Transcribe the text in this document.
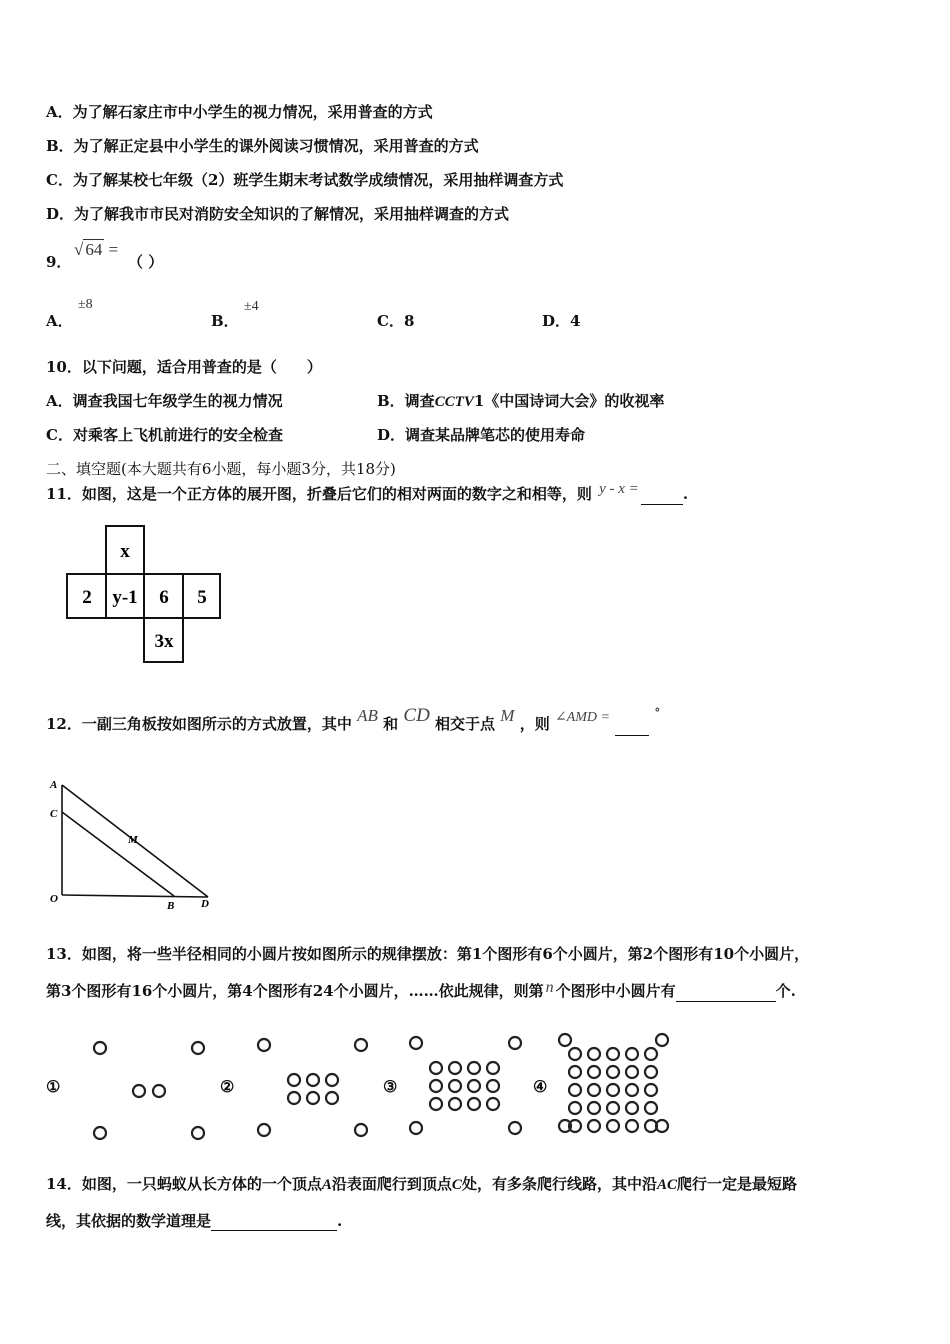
A．为了解石家庄市中小学生的视力情况，采用普查的方式
B．为了解正定县中小学生的课外阅读习惯情况，采用普查的方式
C．为了解某校七年级（2）班学生期末考试数学成绩情况，采用抽样调查方式
D．为了解我市市民对消防安全知识的了解情况，采用抽样调查的方式
9．
√ 64 =
（ ）
A．
±8
B．
±4
C．8	D．4
10．以下问题，适合用普查的是（　　）
A．调查我国七年级学生的视力情况	B．调查CCTV1《中国诗词大会》的收视率
C．对乘客上飞机前进行的安全检查	D．调查某品牌笔芯的使用寿命
二、填空题(本大题共有6小题，每小题3分，共18分)
11．如图，这是一个正方体的展开图，折叠后它们的相对两面的数字之和相等，则 y - x =	.
x
2 y-1 6 5
3x
12．一副三角板按如图所示的方式放置，其中 AB 和 CD 相交于点 M ，则 ∠AMD =	°
A
C
O
B D
M
13．如图，将一些半径相同的小圆片按如图所示的规律摆放：第1个图形有6个小圆片，第2个图形有10个小圆片，
第3个图形有16个小圆片，第4个图形有24个小圆片，……依此规律，则第 n 个图形中小圆片有	个.
①	②	③	④
14．如图，一只蚂蚁从长方体的一个顶点A沿表面爬行到顶点C处，有多条爬行线路，其中沿AC爬行一定是最短路
线，其依据的数学道理是	.
